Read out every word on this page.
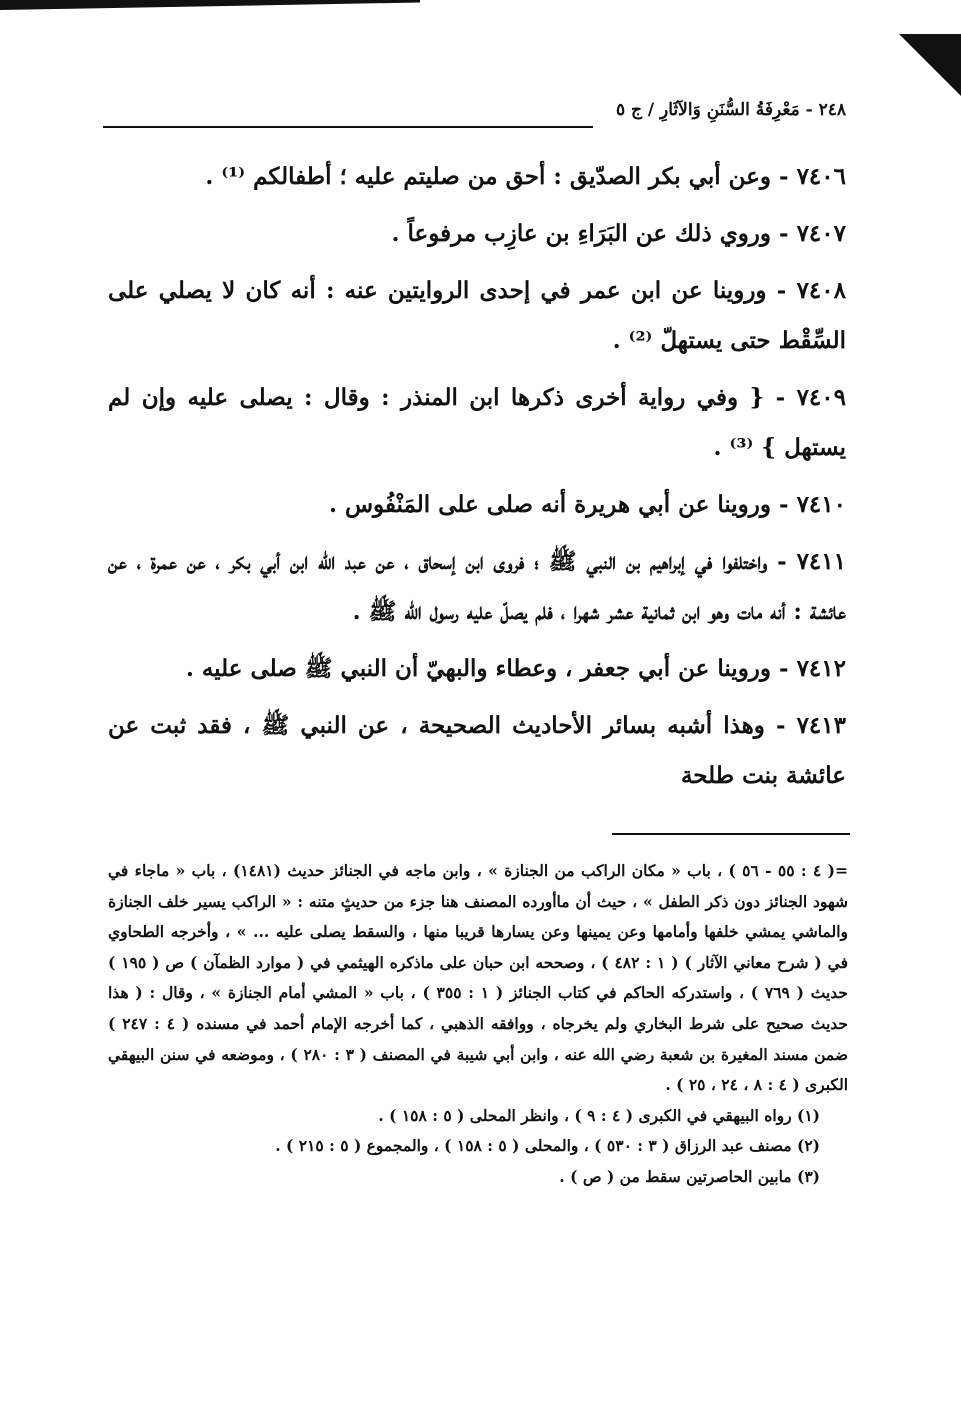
٢٤٨ - مَعْرِفَةُ السُّنَنِ وَالآثَارِ / ج ٥

٧٤٠٦ - وعن أبي بكر الصدّيق : أحق من صليتم عليه ؛ أطفالكم ⁽¹⁾ .

٧٤٠٧ - وروي ذلك عن البَرَاءِ بن عازِب مرفوعاً .

٧٤٠٨ - وروينا عن ابن عمر في إحدى الروايتين عنه : أنه كان لا يصلي على السِّقْط حتى يستهلّ ⁽²⁾ .

٧٤٠٩ - { وفي رواية أخرى ذكرها ابن المنذر : وقال : يصلى عليه وإن لم يستهل } ⁽³⁾ .

٧٤١٠ - وروينا عن أبي هريرة أنه صلى على المَنْفُوس .

٧٤١١ - واختلفوا في إبراهيم بن النبي ﷺ ؛ فروى ابن إسحاق ، عن عبد الله ابن أبي بكر ، عن عمرة ، عن عائشة : أنه مات وهو ابن ثمانية عشر شهرا ، فلم يصلّ عليه رسول الله ﷺ .

٧٤١٢ - وروينا عن أبي جعفر ، وعطاء والبهيّ أن النبي ﷺ صلى عليه .

٧٤١٣ - وهذا أشبه بسائر الأحاديث الصحيحة ، عن النبي ﷺ ، فقد ثبت عن عائشة بنت طلحة

=( ٤ : ٥٥ - ٥٦ ) ، باب « مكان الراكب من الجنازة » ، وابن ماجه في الجنائز حديث (١٤٨١) ، باب « ماجاء في شهود الجنائز دون ذكر الطفل » ، حيث أن ماأورده المصنف هنا جزء من حديثٍ متنه : « الراكب يسير خلف الجنازة والماشي يمشي خلفها وأمامها وعن يمينها وعن يسارها قريبا منها ، والسقط يصلى عليه ... » ، وأخرجه الطحاوي في ( شرح معاني الآثار ) ( ١ : ٤٨٢ ) ، وصححه ابن حبان على ماذكره الهيثمي في ( موارد الظمآن ) ص ( ١٩٥ ) حديث ( ٧٦٩ ) ، واستدركه الحاكم في كتاب الجنائز ( ١ : ٣٥٥ ) ، باب « المشي أمام الجنازة » ، وقال : ( هذا حديث صحيح على شرط البخاري ولم يخرجاه ، ووافقه الذهبي ، كما أخرجه الإمام أحمد في مسنده ( ٤ : ٢٤٧ ) ضمن مسند المغيرة بن شعبة رضي الله عنه ، وابن أبي شيبة في المصنف ( ٣ : ٢٨٠ ) ، وموضعه في سنن البيهقي الكبرى ( ٤ : ٨ ، ٢٤ ، ٢٥ ) .

(١) رواه البيهقي في الكبرى ( ٤ : ٩ ) ، وانظر المحلى ( ٥ : ١٥٨ ) .

(٢) مصنف عبد الرزاق ( ٣ : ٥٣٠ ) ، والمحلى ( ٥ : ١٥٨ ) ، والمجموع ( ٥ : ٢١٥ ) .

(٣) مابين الحاصرتين سقط من ( ص ) .
